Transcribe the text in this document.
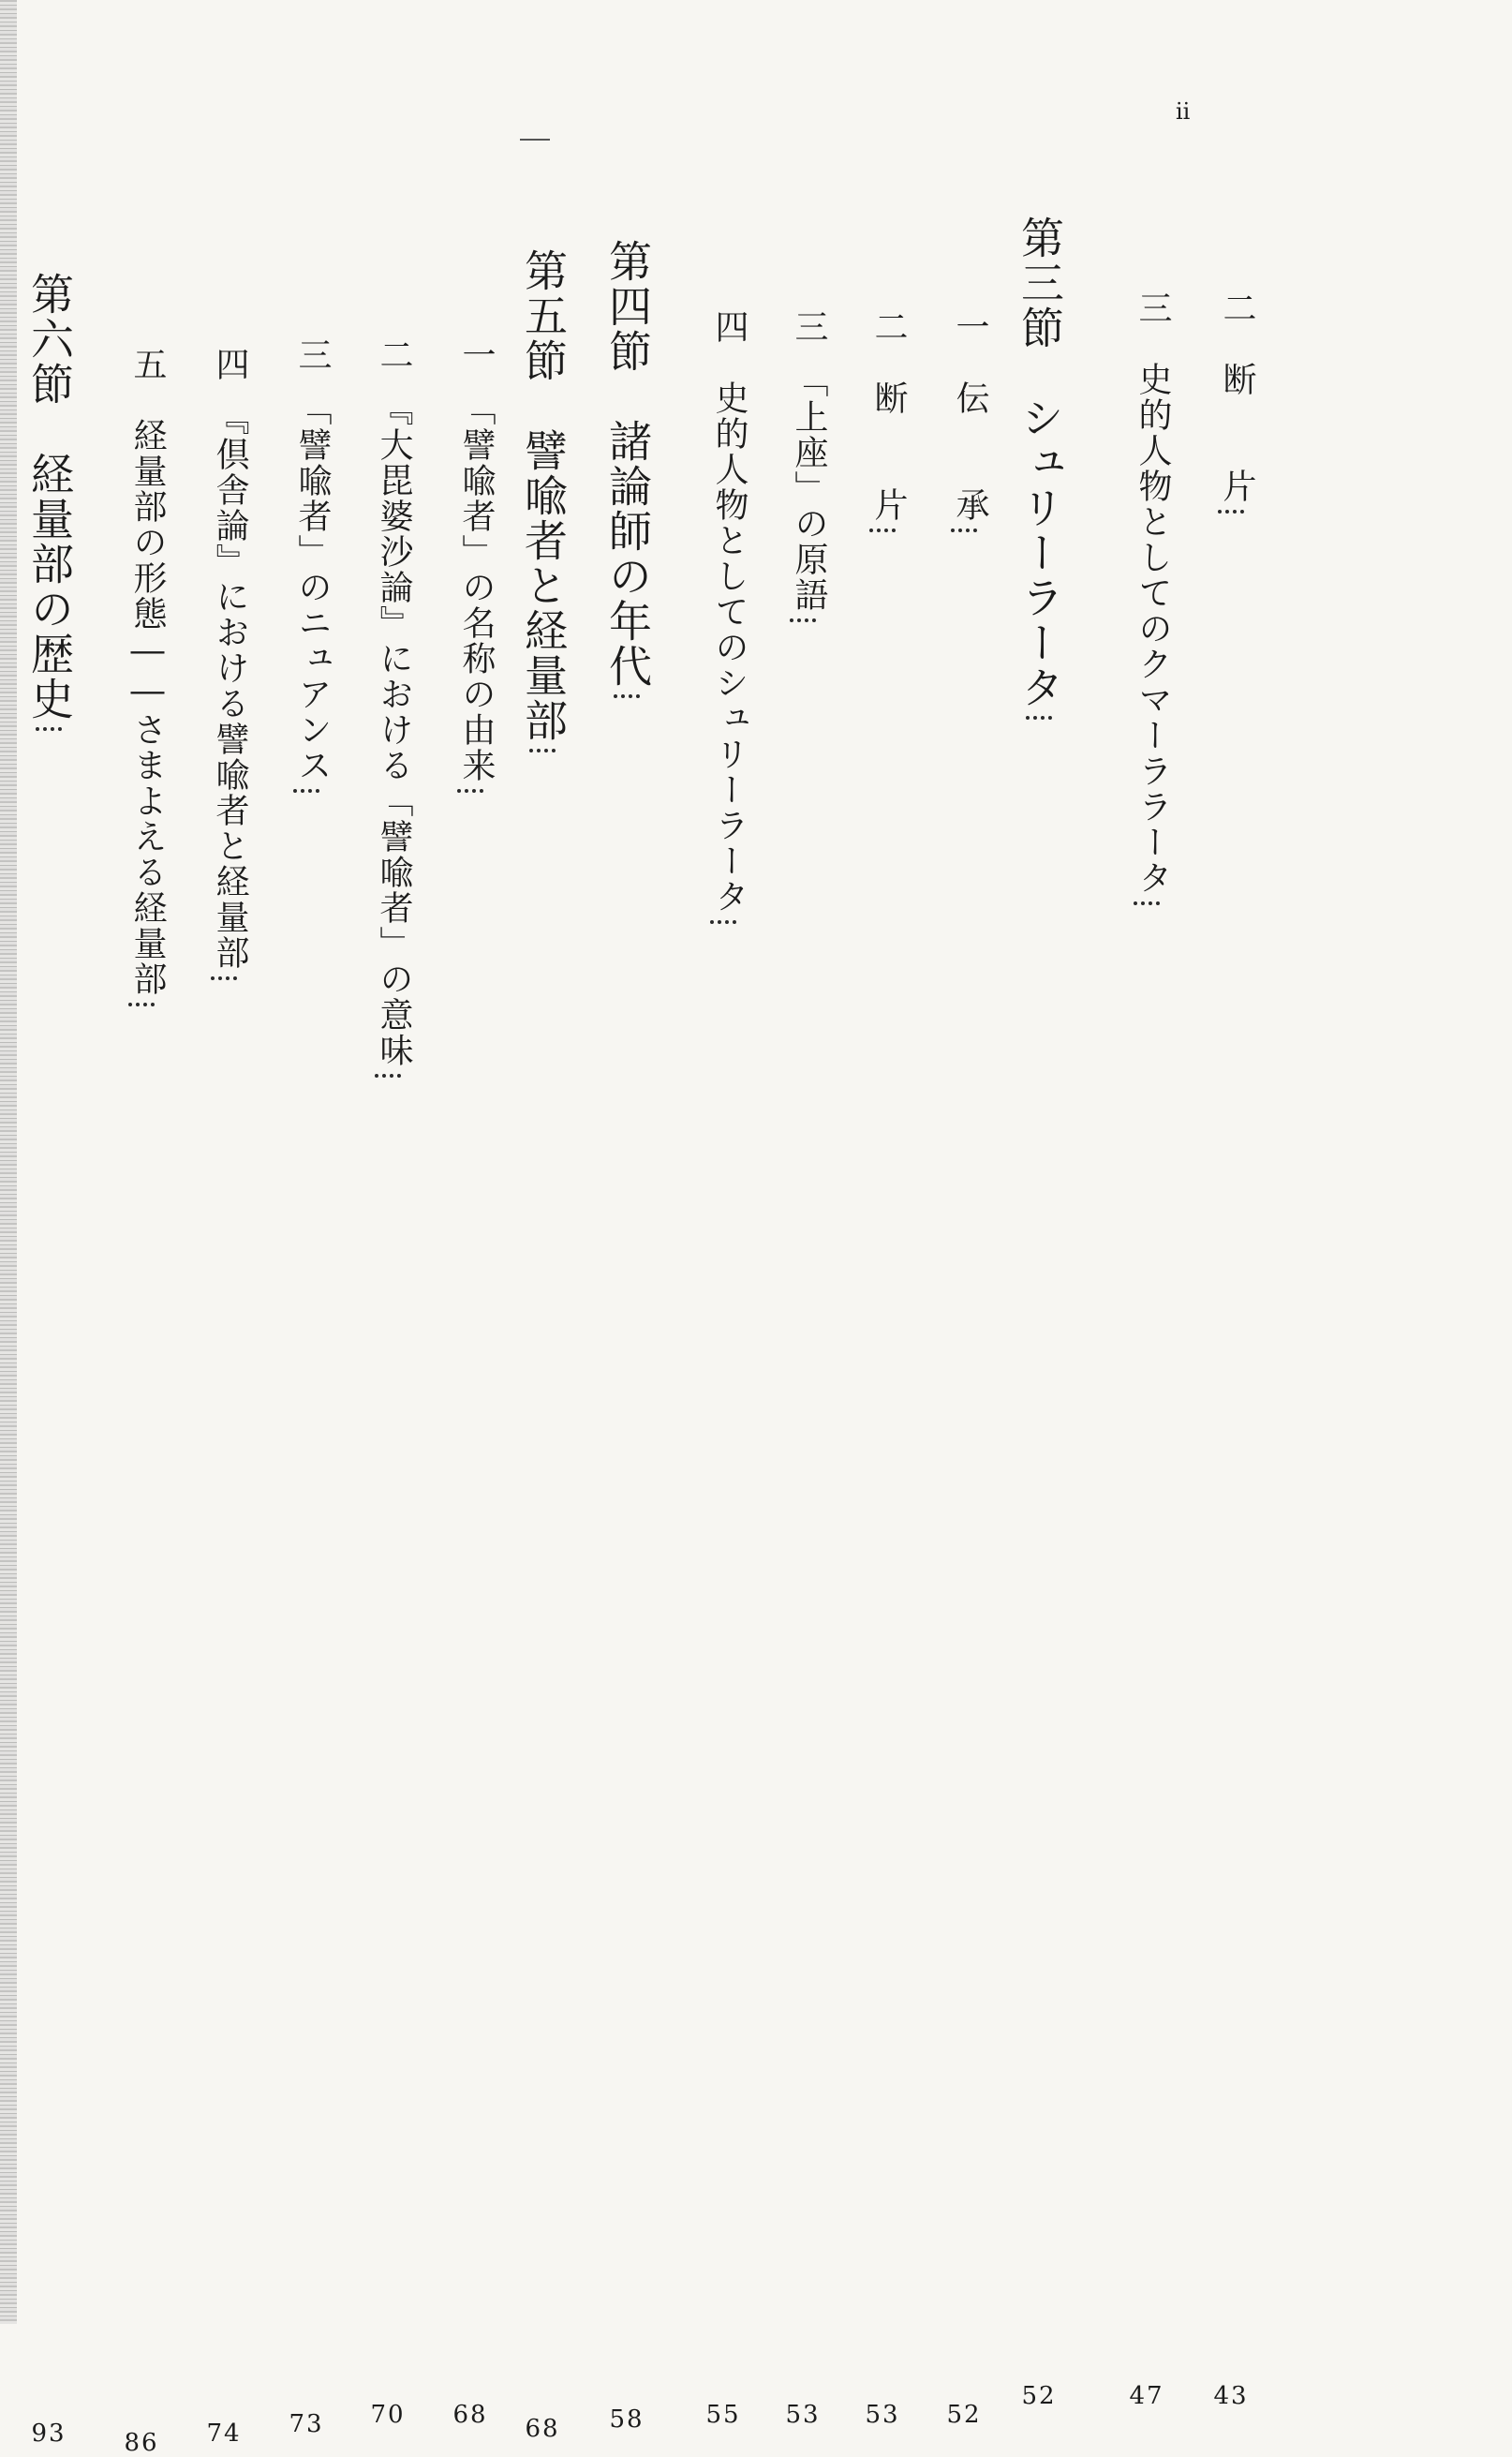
ii
二　断　　片
43
三　史的人物としてのクマーララータ
47
第三節　シュリーラータ
52
一　伝　　承
52
二　断　　片
53
三　「上座」の原語
53
四　史的人物としてのシュリーラータ
55
第四節　諸論師の年代
58
第五節　譬喩者と経量部
68
一　「譬喩者」の名称の由来
68
二　『大毘婆沙論』における「譬喩者」の意味
70
三　「譬喩者」のニュアンス
73
四　『倶舎論』における譬喩者と経量部
74
五　経量部の形態――さまよえる経量部
86
第六節　経量部の歴史
93
